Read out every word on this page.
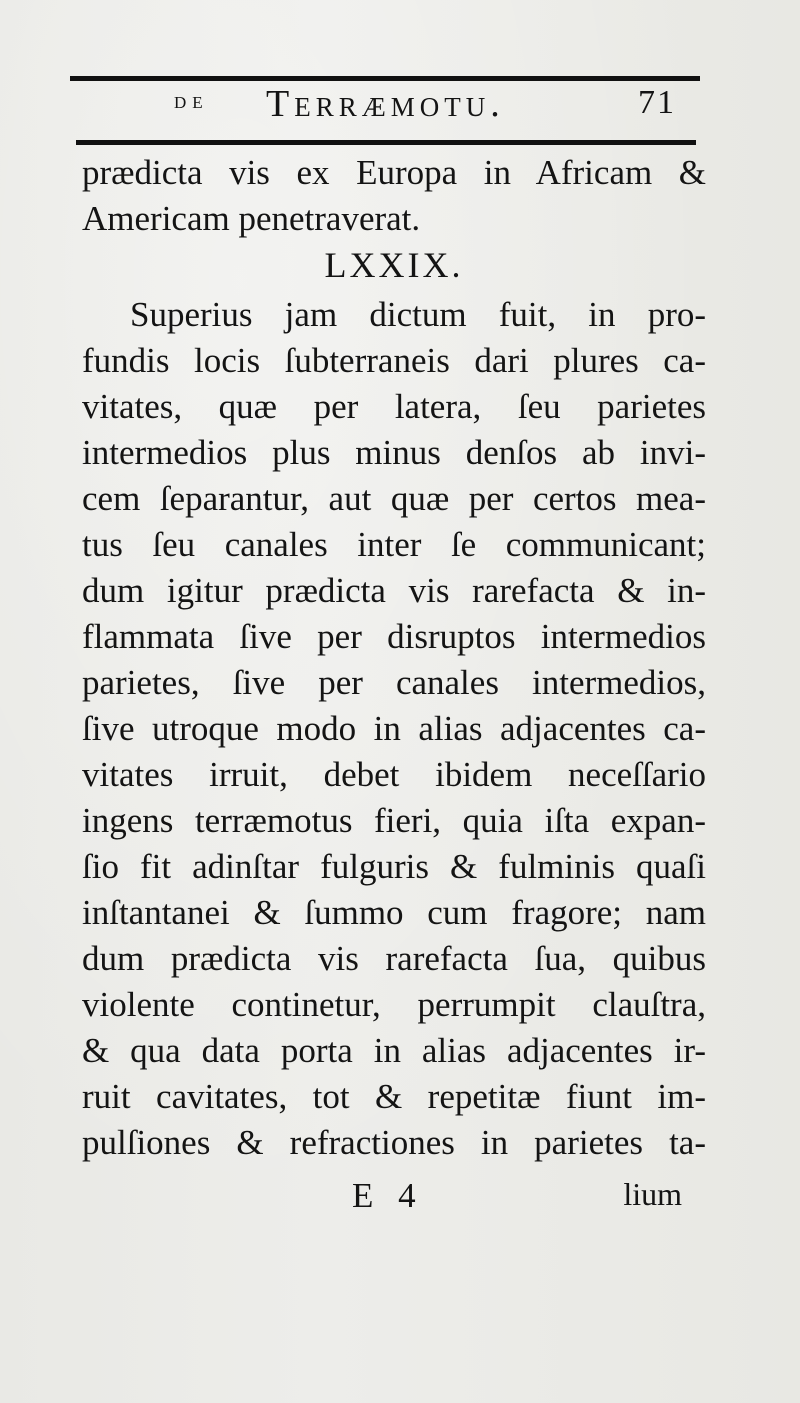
de Terræmotu.	71
prædicta vis ex Europa in Africam &
Americam penetraverat.
LXXIX.
Superius jam dictum fuit, in pro-
fundis locis ſubterraneis dari plures ca-
vitates, quæ per latera, ſeu parietes
intermedios plus minus denſos ab invi-
cem ſeparantur, aut quæ per certos mea-
tus ſeu canales inter ſe communicant;
dum igitur prædicta vis rarefacta & in-
flammata ſive per disruptos intermedios
parietes, ſive per canales intermedios,
ſive utroque modo in alias adjacentes ca-
vitates irruit, debet ibidem neceſſario
ingens terræmotus fieri, quia iſta expan-
ſio fit adinſtar fulguris & fulminis quaſi
inſtantanei & ſummo cum fragore; nam
dum prædicta vis rarefacta ſua, quibus
violente continetur, perrumpit clauſtra,
& qua data porta in alias adjacentes ir-
ruit cavitates, tot & repetitæ fiunt im-
pulſiones & refractiones in parietes ta-
E 4	lium
